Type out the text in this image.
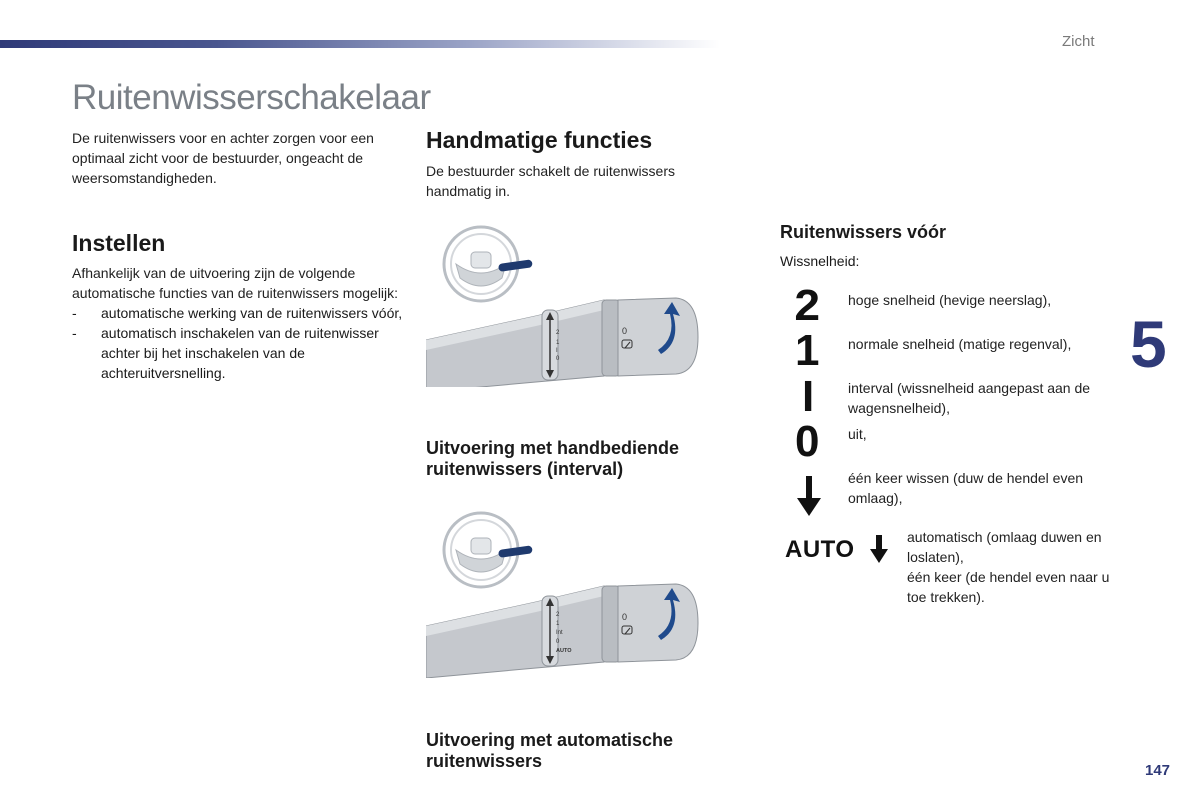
Zicht
Ruitenwisserschakelaar
5
147

De ruitenwissers voor en achter zorgen voor een optimaal zicht voor de bestuurder, ongeacht de weersomstandigheden.

Instellen

Afhankelijk van de uitvoering zijn de volgende automatische functies van de ruitenwissers mogelijk:

- automatische werking van de ruitenwissers vóór,
- automatisch inschakelen van de ruitenwisser achter bij het inschakelen van de achteruitversnelling.
Handmatige functies

De bestuurder schakelt de ruitenwissers handmatig in.

2
1
I
0
0
Uitvoering met handbediende ruitenwissers (interval)
2
1
Int
0
AUTO
0
Uitvoering met automatische ruitenwissers
Ruitenwissers vóór
Wissnelheid:
2
1
I
0
AUTO
hoge snelheid (hevige neerslag),
normale snelheid (matige regenval),
interval (wissnelheid aangepast aan de wagensnelheid),
uit,
één keer wissen (duw de hendel even omlaag),
automatisch (omlaag duwen en loslaten),
één keer (de hendel even naar u toe trekken).
